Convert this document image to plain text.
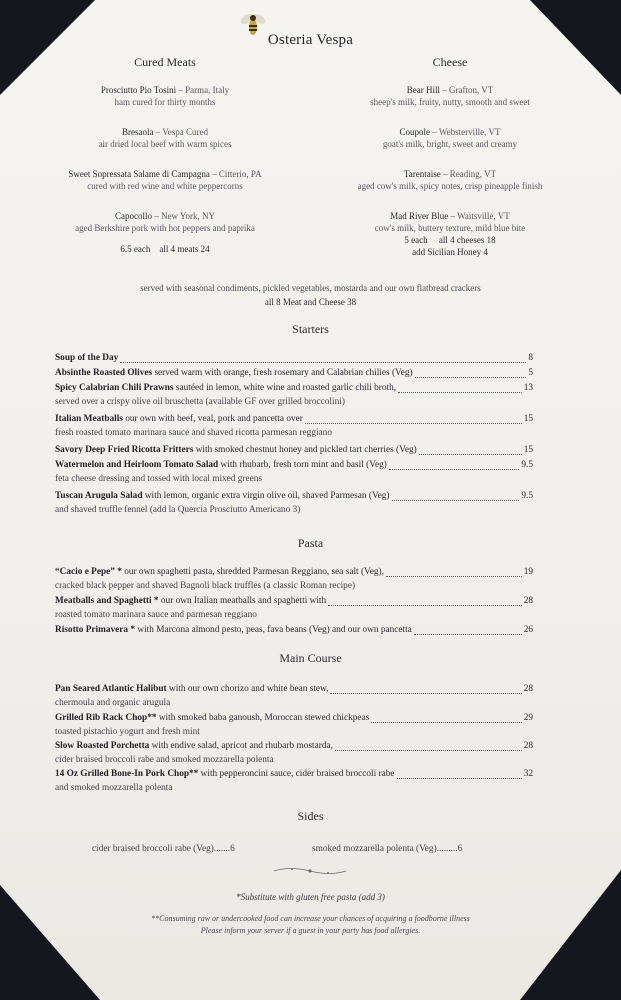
Osteria Vespa
Cured Meats
Prosciutto Pio Tosini – Parma, Italy
ham cured for thirty months
Bresaola – Vespa Cured
air dried local beef with warm spices
Sweet Sopressata Salame di Campagna – Citterio, PA
cured with red wine and white peppercorns
Capocollo – New York, NY
aged Berkshire pork with hot peppers and paprika
6.5 each all 4 meats 24
Cheese
Bear Hill – Grafton, VT
sheep's milk, fruity, nutty, smooth and sweet
Coupole – Websterville, VT
goat's milk, bright, sweet and creamy
Tarentaise – Reading, VT
aged cow's milk, spicy notes, crisp pineapple finish
Mad River Blue – Waitsville, VT
cow's milk, buttery texture, mild blue bite
5 each all 4 cheeses 18
add Sicilian Honey 4
served with seasonal condiments, pickled vegetables, mostarda and our own flatbread crackers
all 8 Meat and Cheese 38
Starters
Soup of the Day	8
Absinthe Roasted Olives served warm with orange, fresh rosemary and Calabrian chilies (Veg)	5
Spicy Calabrian Chili Prawns sautéed in lemon, white wine and roasted garlic chili broth,	13
served over a crispy olive oil bruschetta (available GF over grilled broccolini)
Italian Meatballs our own with beef, veal, pork and pancetta over	15
fresh roasted tomato marinara sauce and shaved ricotta parmesan reggiano
Savory Deep Fried Ricotta Fritters with smoked chestnut honey and pickled tart cherries (Veg)	15
Watermelon and Heirloom Tomato Salad with rhubarb, fresh torn mint and basil (Veg)	9.5
feta cheese dressing and tossed with local mixed greens
Tuscan Arugula Salad with lemon, organic extra virgin olive oil, shaved Parmesan (Veg)	9.5
and shaved truffle fennel (add la Quercia Prosciutto Americano 3)
“Cacio e Pepe” * our own spaghetti pasta, shredded Parmesan Reggiano, sea salt (Veg),	19
cracked black pepper and shaved Bagnoli black truffles (a classic Roman recipe)
Meatballs and Spaghetti * our own Italian meatballs and spaghetti with	28
roasted tomato marinara sauce and parmesan reggiano
Risotto Primavera * with Marcona almond pesto, peas, fava beans (Veg) and our own pancetta	26
Pan Seared Atlantic Halibut with our own chorizo and white bean stew,	28
chermoula and organic arugula
Grilled Rib Rack Chop** with smoked baba ganoush, Moroccan stewed chickpeas	29
toasted pistachio yogurt and fresh mint
Slow Roasted Porchetta with endive salad, apricot and rhubarb mostarda,	28
cider braised broccoli rabe and smoked mozzarella polenta
14 Oz Grilled Bone-In Pork Chop** with pepperoncini sauce, cider braised broccoli rabe	32
and smoked mozzarella polenta
Pasta
Main Course
Sides
cider braised broccoli rabe (Veg).......6	smoked mozzarella polenta (Veg).........6
*Substitute with gluten free pasta (add 3)
**Consuming raw or undercooked food can increase your chances of acquiring a foodborne illness
Please inform your server if a guest in your party has food allergies.
